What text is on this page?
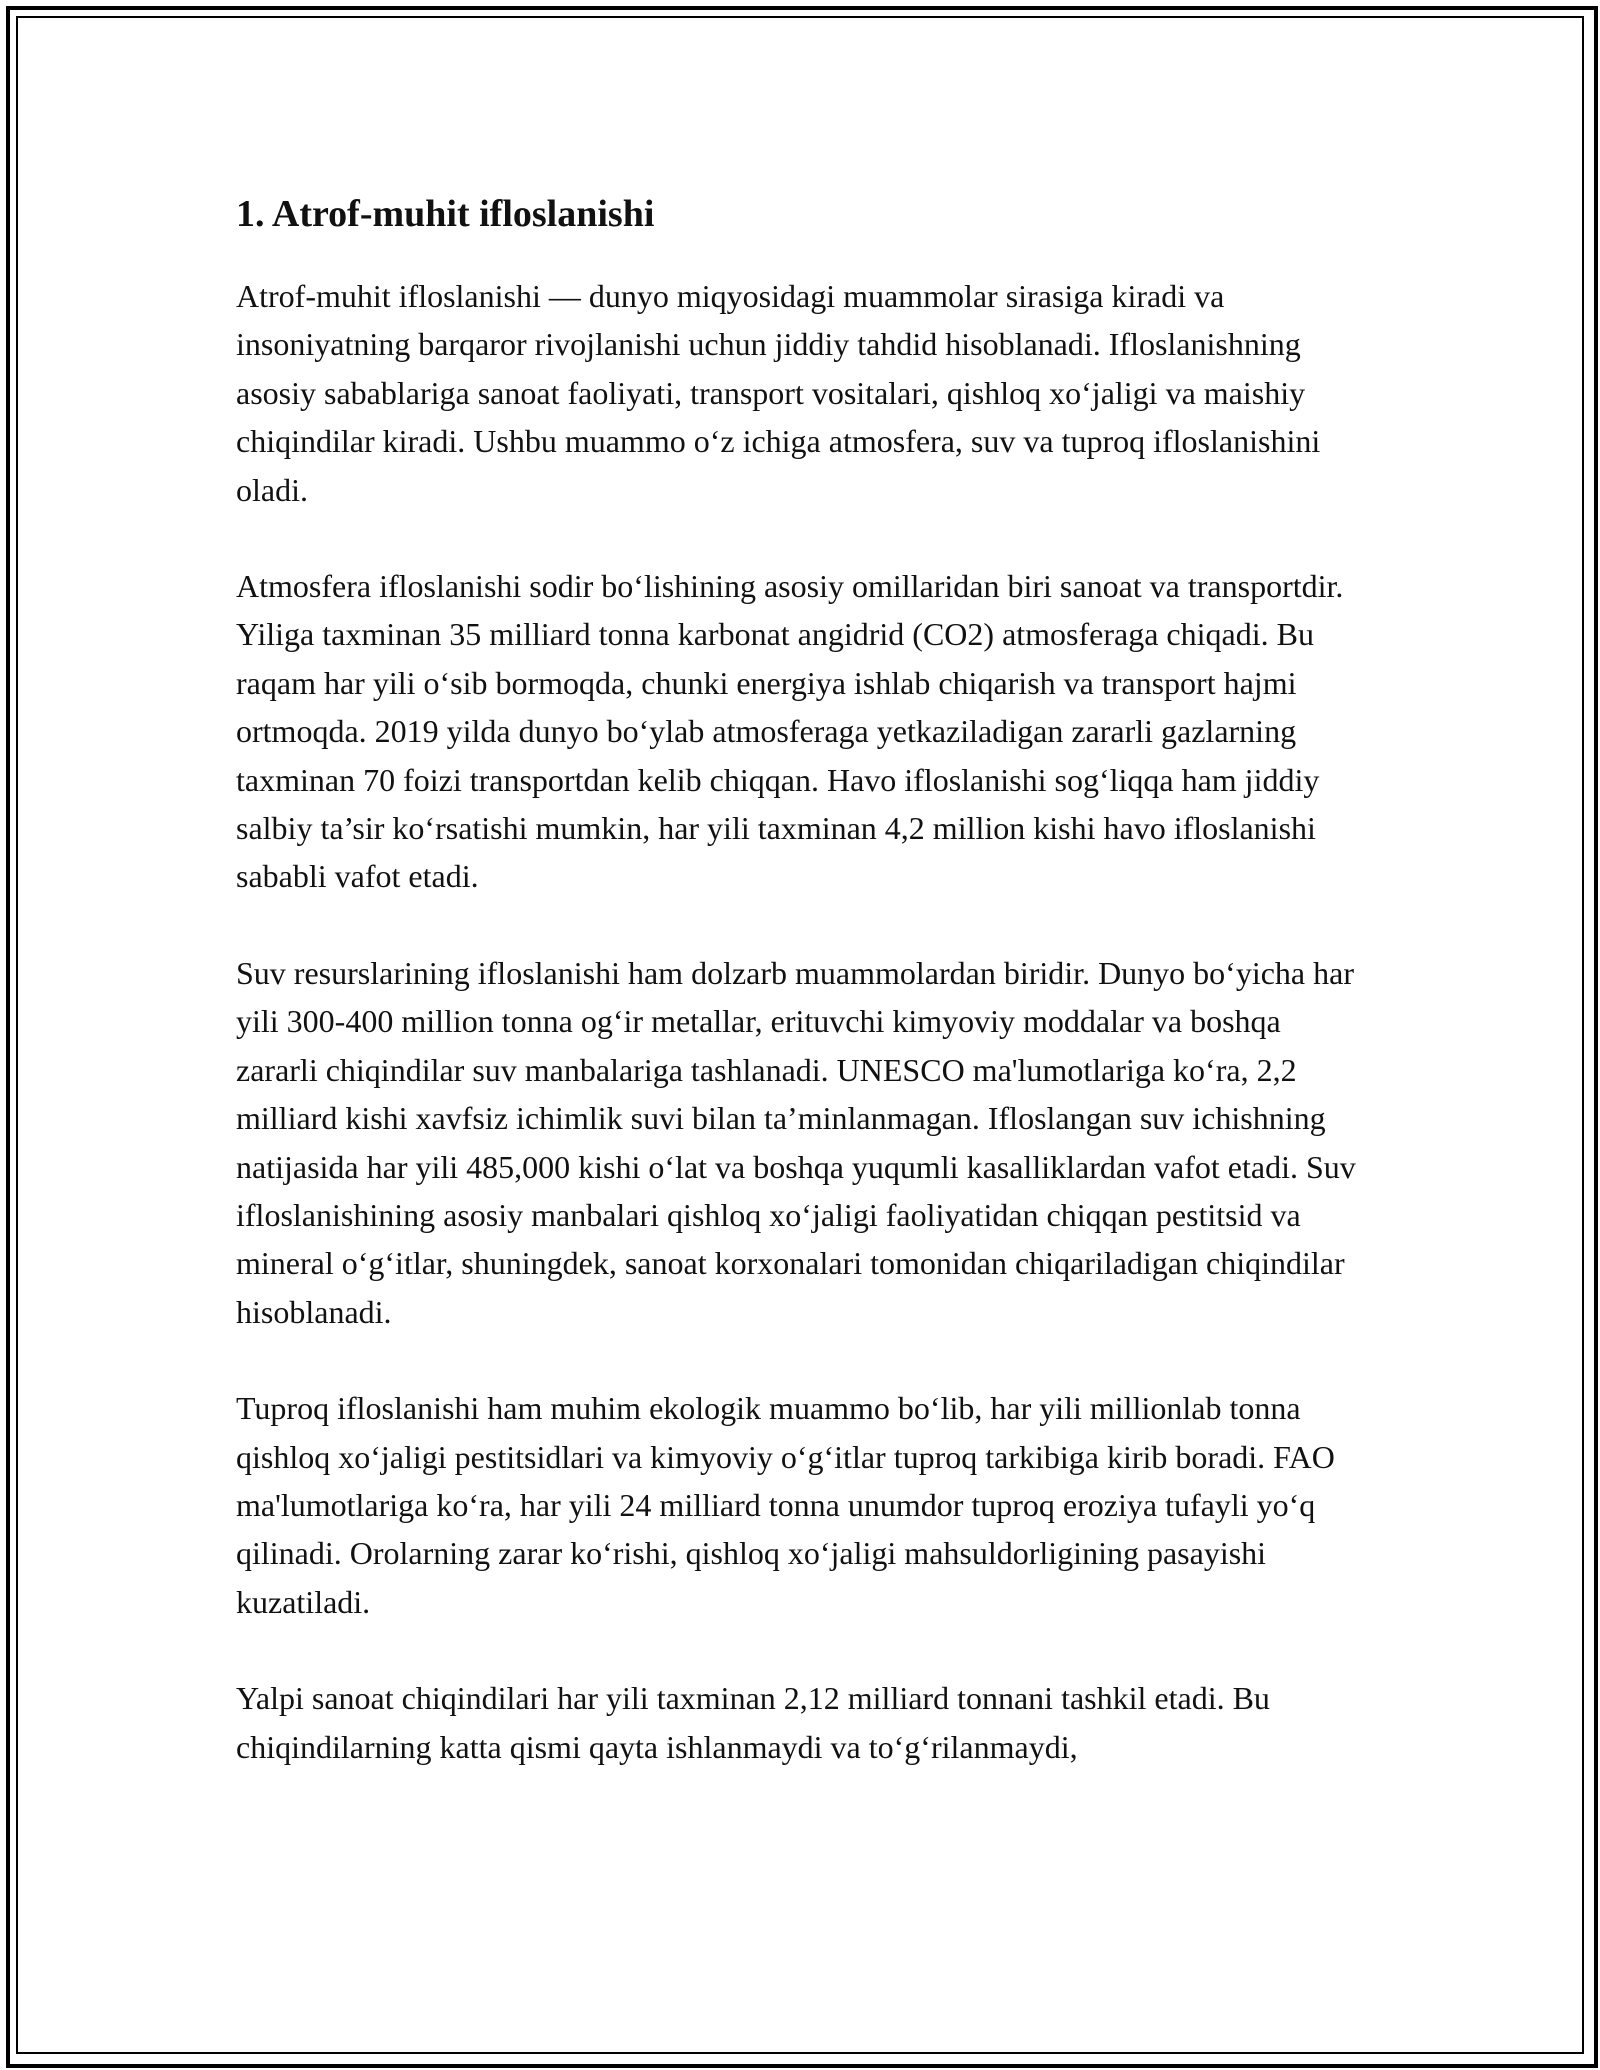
1. Atrof-muhit ifloslanishi

Atrof-muhit ifloslanishi — dunyo miqyosidagi muammolar sirasiga kiradi va insoniyatning barqaror rivojlanishi uchun jiddiy tahdid hisoblanadi. Ifloslanishning asosiy sabablariga sanoat faoliyati, transport vositalari, qishloq xo‘jaligi va maishiy chiqindilar kiradi. Ushbu muammo o‘z ichiga atmosfera, suv va tuproq ifloslanishini oladi.

Atmosfera ifloslanishi sodir bo‘lishining asosiy omillaridan biri sanoat va transportdir. Yiliga taxminan 35 milliard tonna karbonat angidrid (CO2) atmosferaga chiqadi. Bu raqam har yili o‘sib bormoqda, chunki energiya ishlab chiqarish va transport hajmi ortmoqda. 2019 yilda dunyo bo‘ylab atmosferaga yetkaziladigan zararli gazlarning taxminan 70 foizi transportdan kelib chiqqan. Havo ifloslanishi sog‘liqqa ham jiddiy salbiy ta’sir ko‘rsatishi mumkin, har yili taxminan 4,2 million kishi havo ifloslanishi sababli vafot etadi.

Suv resurslarining ifloslanishi ham dolzarb muammolardan biridir. Dunyo bo‘yicha har yili 300-400 million tonna og‘ir metallar, erituvchi kimyoviy moddalar va boshqa zararli chiqindilar suv manbalariga tashlanadi. UNESCO ma'lumotlariga ko‘ra, 2,2 milliard kishi xavfsiz ichimlik suvi bilan ta’minlanmagan. Ifloslangan suv ichishning natijasida har yili 485,000 kishi o‘lat va boshqa yuqumli kasalliklardan vafot etadi. Suv ifloslanishining asosiy manbalari qishloq xo‘jaligi faoliyatidan chiqqan pestitsid va mineral o‘g‘itlar, shuningdek, sanoat korxonalari tomonidan chiqariladigan chiqindilar hisoblanadi.

Tuproq ifloslanishi ham muhim ekologik muammo bo‘lib, har yili millionlab tonna qishloq xo‘jaligi pestitsidlari va kimyoviy o‘g‘itlar tuproq tarkibiga kirib boradi. FAO ma'lumotlariga ko‘ra, har yili 24 milliard tonna unumdor tuproq eroziya tufayli yo‘q qilinadi. Orolarning zarar ko‘rishi, qishloq xo‘jaligi mahsuldorligining pasayishi kuzatiladi.

Yalpi sanoat chiqindilari har yili taxminan 2,12 milliard tonnani tashkil etadi. Bu chiqindilarning katta qismi qayta ishlanmaydi va to‘g‘rilanmaydi,
